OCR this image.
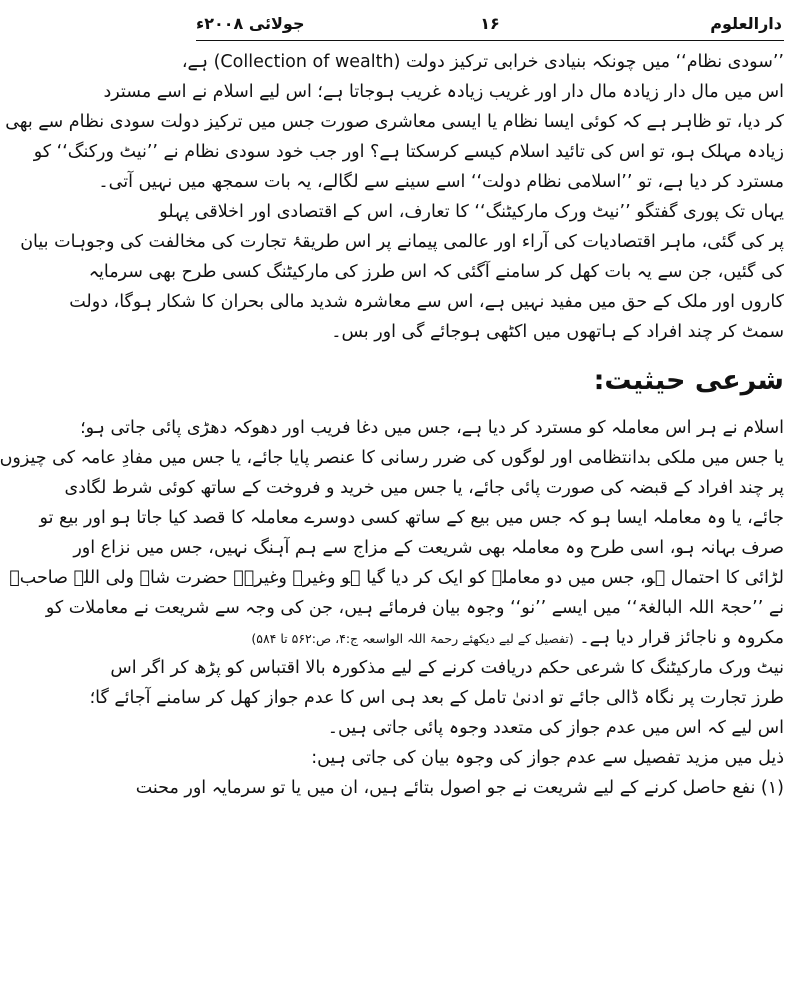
دارالعلوم
۱۶
جولائی ۲۰۰۸ء
’’سودی نظام‘‘ میں چونکہ بنیادی خرابی ترکیز دولت (Collection of wealth) ہے،
اس میں مال دار زیادہ مال دار اور غریب زیادہ غریب ہوجاتا ہے؛ اس لیے اسلام نے اسے مسترد
کر دیا، تو ظاہر ہے کہ کوئی ایسا نظام یا ایسی معاشری صورت جس میں ترکیز دولت سودی نظام سے بھی
زیادہ مہلک ہو، تو اس کی تائید اسلام کیسے کرسکتا ہے؟ اور جب خود سودی نظام نے ’’نیٹ ورکنگ‘‘ کو
مسترد کر دیا ہے، تو ’’اسلامی نظام دولت‘‘ اسے سینے سے لگالے، یہ بات سمجھ میں نہیں آتی۔
یہاں تک پوری گفتگو ’’نیٹ ورک مارکیٹنگ‘‘ کا تعارف، اس کے اقتصادی اور اخلاقی پہلو
پر کی گئی، ماہر اقتصادیات کی آراء اور عالمی پیمانے پر اس طریقۂ تجارت کی مخالفت کی وجوہات بیان
کی گئیں، جن سے یہ بات کھل کر سامنے آگئی کہ اس طرز کی مارکیٹنگ کسی طرح بھی سرمایہ
کاروں اور ملک کے حق میں مفید نہیں ہے، اس سے معاشرہ شدید مالی بحران کا شکار ہوگا، دولت
سمٹ کر چند افراد کے ہاتھوں میں اکٹھی ہوجائے گی اور بس۔
شرعی حیثیت:
اسلام نے ہر اس معاملہ کو مسترد کر دیا ہے، جس میں دغا فریب اور دھوکہ دھڑی پائی جاتی ہو؛
یا جس میں ملکی بدانتظامی اور لوگوں کی ضرر رسانی کا عنصر پایا جائے، یا جس میں مفادِ عامہ کی چیزوں
پر چند افراد کے قبضہ کی صورت پائی جائے، یا جس میں خرید و فروخت کے ساتھ کوئی شرط لگادی
جائے، یا وہ معاملہ ایسا ہو کہ جس میں بیع کے ساتھ کسی دوسرے معاملہ کا قصد کیا جاتا ہو اور بیع تو
صرف بہانہ ہو، اسی طرح وہ معاملہ بھی شریعت کے مزاج سے ہم آہنگ نہیں، جس میں نزاع اور
لڑائی کا احتمال ہو، جس میں دو معاملہ کو ایک کر دیا گیا ہو وغیرہ وغیرہ۔ حضرت شاہ ولی اللہ صاحبؒ
نے ’’حجۃ اللہ البالغۃ‘‘ میں ایسے ’’نو‘‘ وجوہ بیان فرمائے ہیں، جن کی وجہ سے شریعت نے معاملات کو
مکروہ و ناجائز قرار دیا ہے۔ (تفصیل کے لیے دیکھئے رحمۃ اللہ الواسعہ ج:۴، ص:۵۶۲ تا ۵۸۴)
نیٹ ورک مارکیٹنگ کا شرعی حکم دریافت کرنے کے لیے مذکورہ بالا اقتباس کو پڑھ کر اگر اس
طرز تجارت پر نگاہ ڈالی جائے تو ادنیٰ تامل کے بعد ہی اس کا عدم جواز کھل کر سامنے آجائے گا؛
اس لیے کہ اس میں عدم جواز کی متعدد وجوہ پائی جاتی ہیں۔
ذیل میں مزید تفصیل سے عدم جواز کی وجوہ بیان کی جاتی ہیں:
(۱) نفع حاصل کرنے کے لیے شریعت نے جو اصول بتائے ہیں، ان میں یا تو سرمایہ اور محنت
